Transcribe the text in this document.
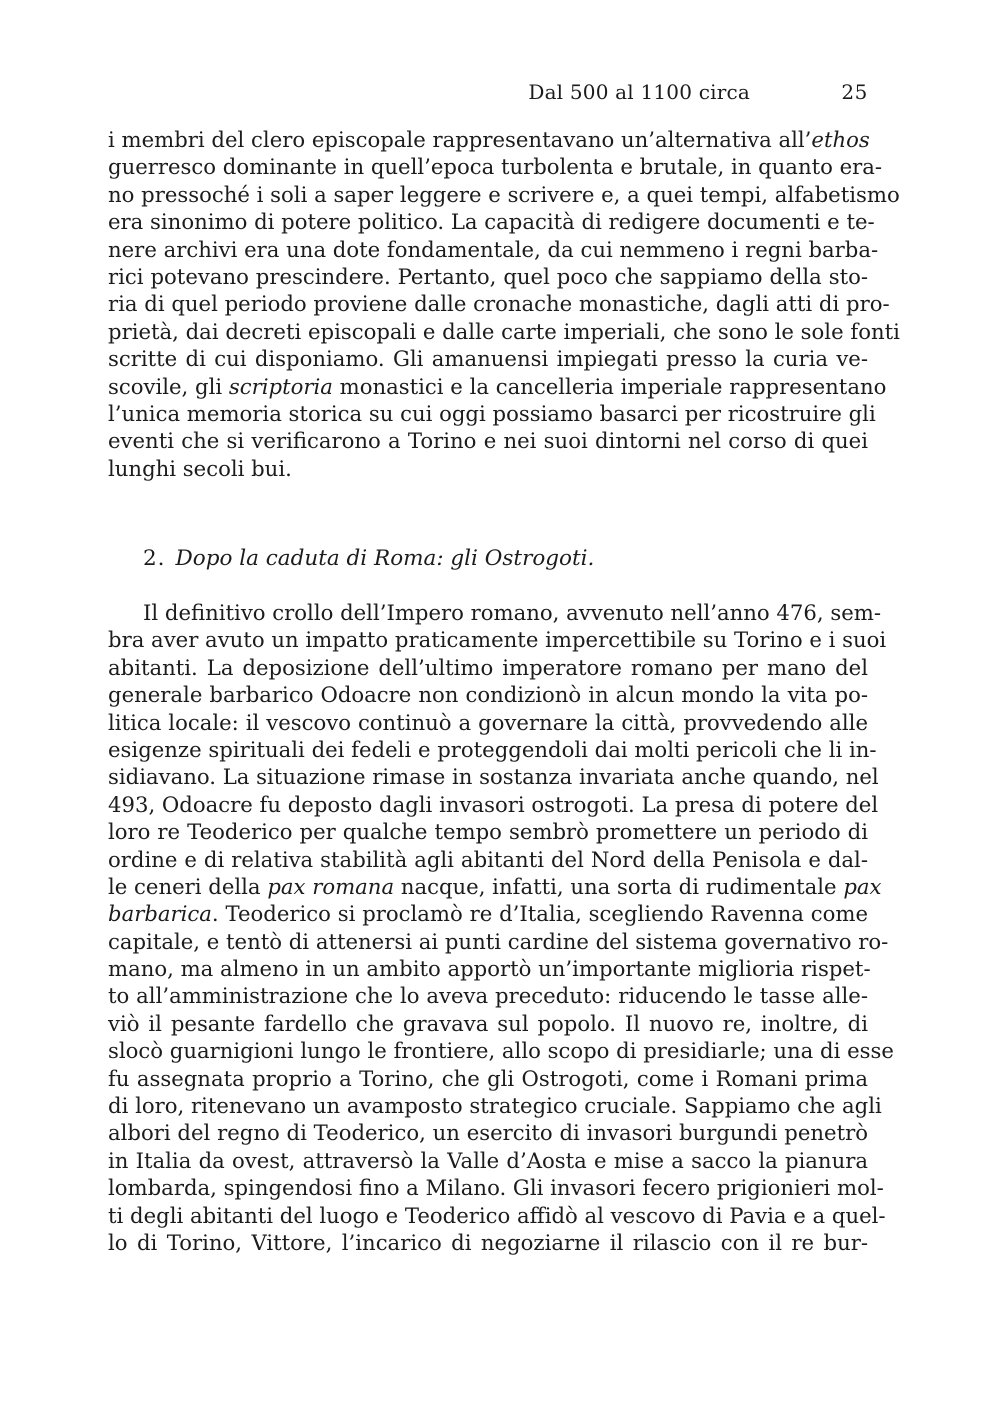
Dal 500 al 1100 circa	25
i membri del clero episcopale rappresentavano un’alternativa all’ethos
guerresco dominante in quell’epoca turbolenta e brutale, in quanto era-
no pressoché i soli a saper leggere e scrivere e, a quei tempi, alfabetismo
era sinonimo di potere politico. La capacità di redigere documenti e te-
nere archivi era una dote fondamentale, da cui nemmeno i regni barba-
rici potevano prescindere. Pertanto, quel poco che sappiamo della sto-
ria di quel periodo proviene dalle cronache monastiche, dagli atti di pro-
prietà, dai decreti episcopali e dalle carte imperiali, che sono le sole fonti
scritte di cui disponiamo. Gli amanuensi impiegati presso la curia ve-
scovile, gli scriptoria monastici e la cancelleria imperiale rappresentano
l’unica memoria storica su cui oggi possiamo basarci per ricostruire gli
eventi che si verificarono a Torino e nei suoi dintorni nel corso di quei
lunghi secoli bui.
2. Dopo la caduta di Roma: gli Ostrogoti.
Il definitivo crollo dell’Impero romano, avvenuto nell’anno 476, sem-
bra aver avuto un impatto praticamente impercettibile su Torino e i suoi
abitanti. La deposizione dell’ultimo imperatore romano per mano del
generale barbarico Odoacre non condizionò in alcun mondo la vita po-
litica locale: il vescovo continuò a governare la città, provvedendo alle
esigenze spirituali dei fedeli e proteggendoli dai molti pericoli che li in-
sidiavano. La situazione rimase in sostanza invariata anche quando, nel
493, Odoacre fu deposto dagli invasori ostrogoti. La presa di potere del
loro re Teoderico per qualche tempo sembrò promettere un periodo di
ordine e di relativa stabilità agli abitanti del Nord della Penisola e dal-
le ceneri della pax romana nacque, infatti, una sorta di rudimentale pax
barbarica. Teoderico si proclamò re d’Italia, scegliendo Ravenna come
capitale, e tentò di attenersi ai punti cardine del sistema governativo ro-
mano, ma almeno in un ambito apportò un’importante miglioria rispet-
to all’amministrazione che lo aveva preceduto: riducendo le tasse alle-
viò il pesante fardello che gravava sul popolo. Il nuovo re, inoltre, di
slocò guarnigioni lungo le frontiere, allo scopo di presidiarle; una di esse
fu assegnata proprio a Torino, che gli Ostrogoti, come i Romani prima
di loro, ritenevano un avamposto strategico cruciale. Sappiamo che agli
albori del regno di Teoderico, un esercito di invasori burgundi penetrò
in Italia da ovest, attraversò la Valle d’Aosta e mise a sacco la pianura
lombarda, spingendosi fino a Milano. Gli invasori fecero prigionieri mol-
ti degli abitanti del luogo e Teoderico affidò al vescovo di Pavia e a quel-
lo di Torino, Vittore, l’incarico di negoziarne il rilascio con il re bur-
